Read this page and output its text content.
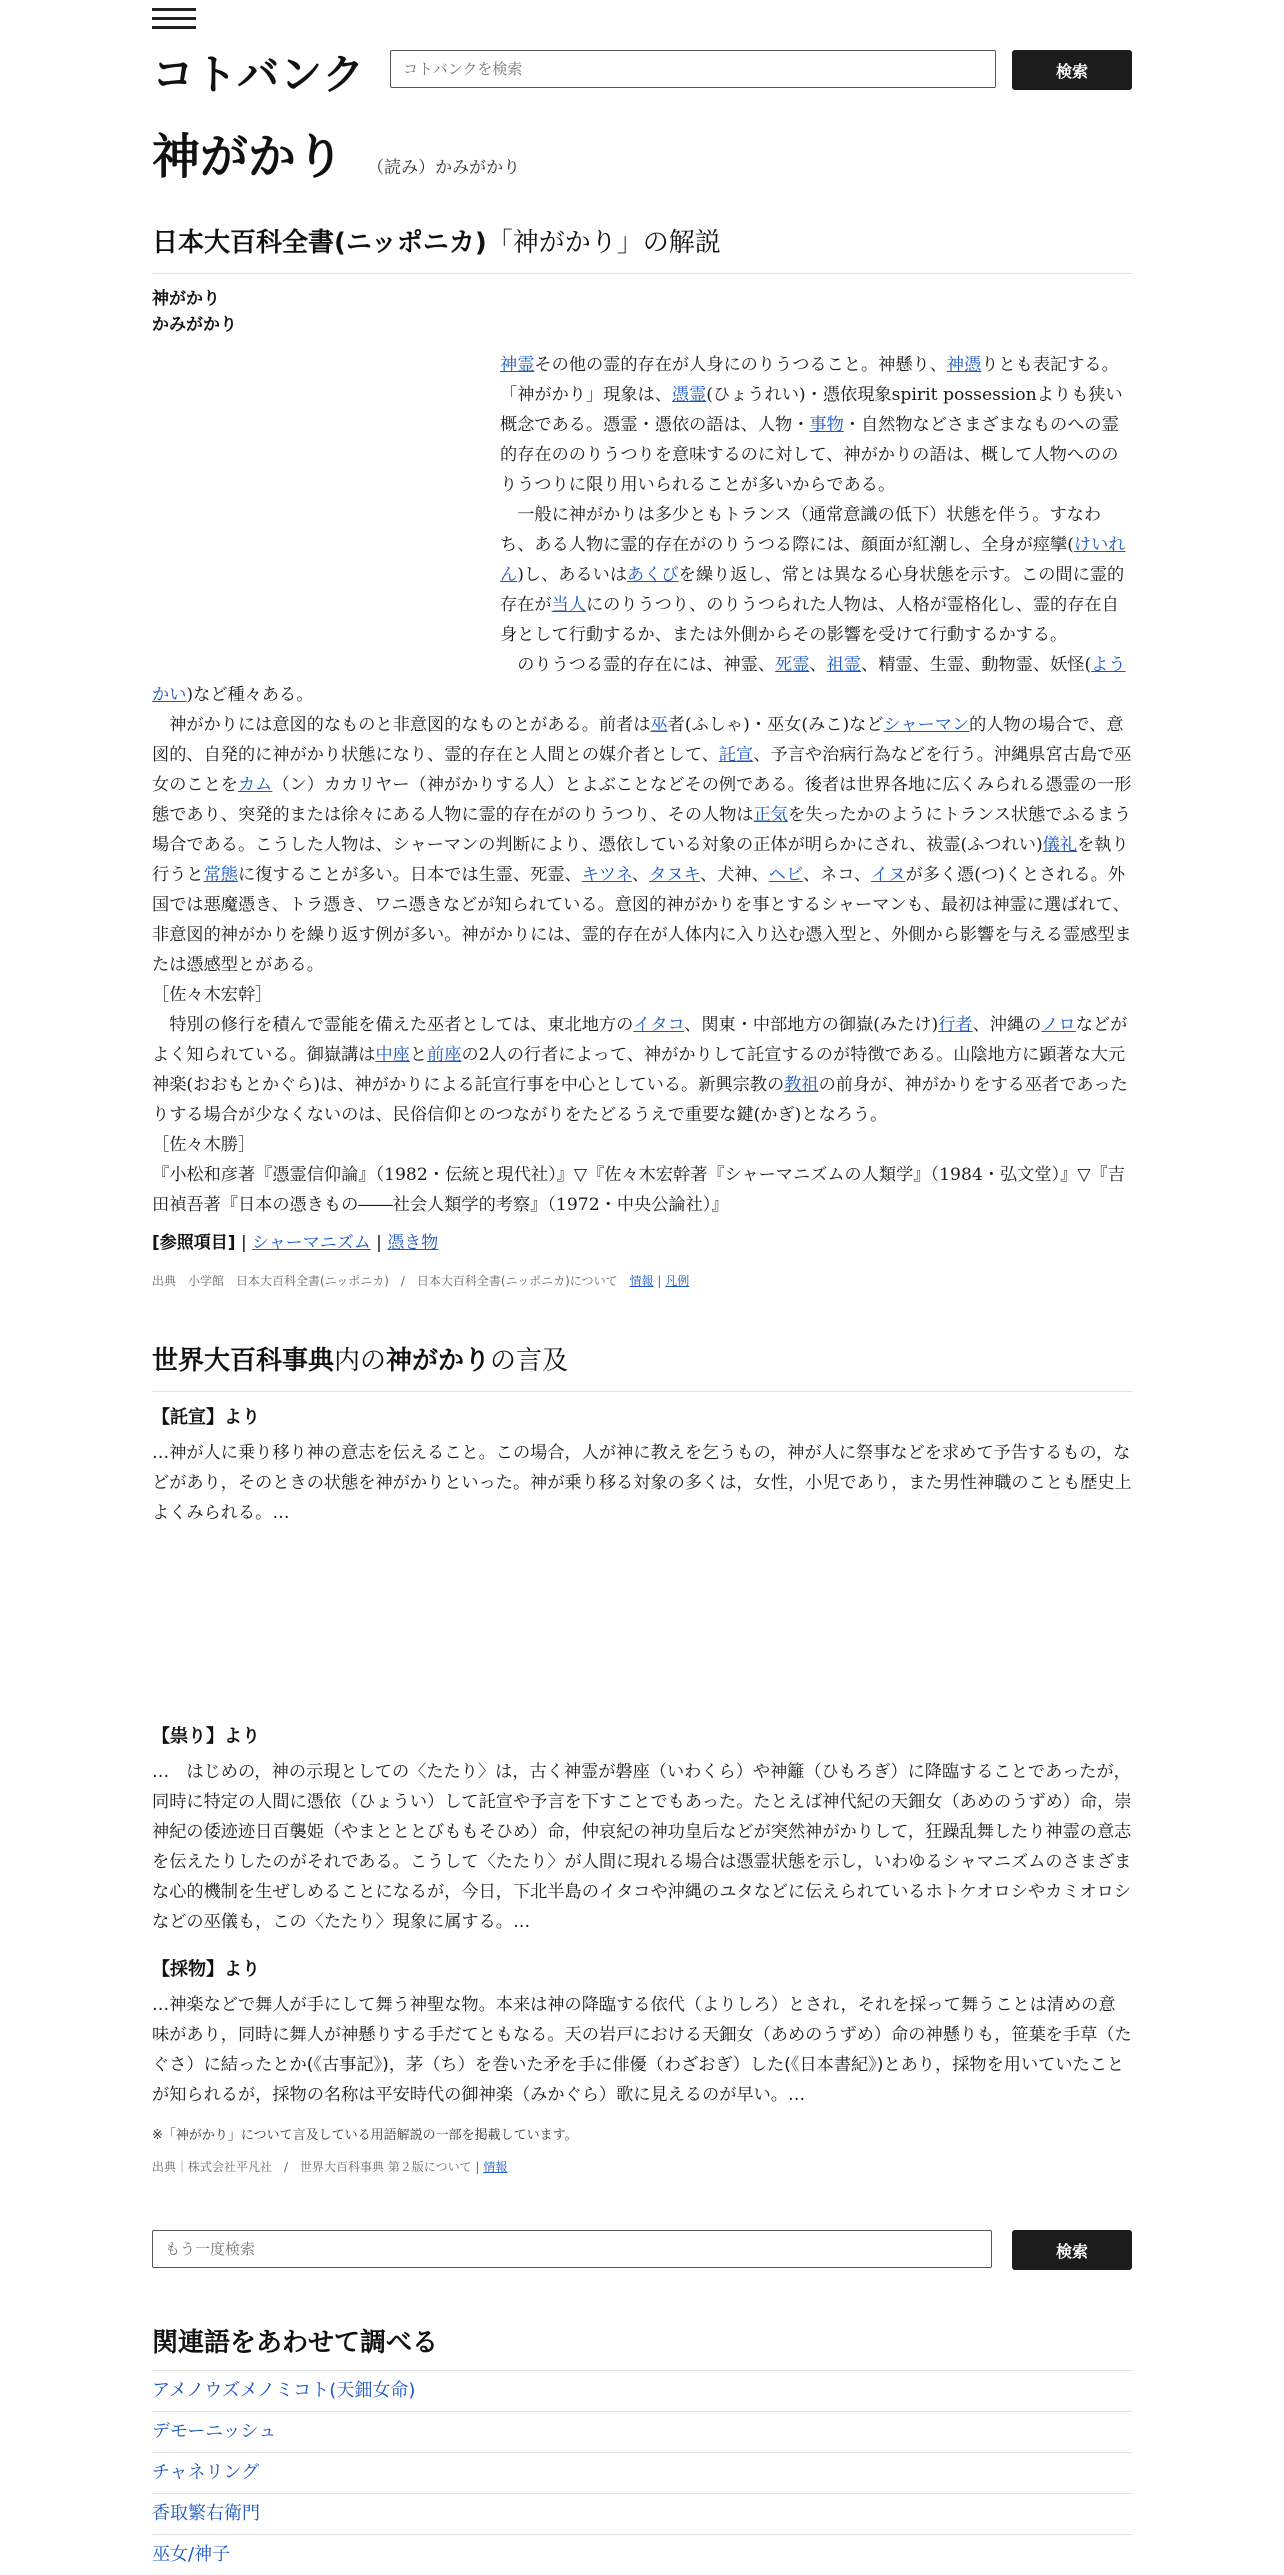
コトバンク
コトバンクを検索	検索
神がかり （読み）かみがかり
日本大百科全書(ニッポニカ)「神がかり」の解説
神がかり
かみがかり

神霊その他の霊的存在が人身にのりうつること。神懸り、神憑りとも表記する。「神がかり」現象は、憑霊(ひょうれい)・憑依現象spirit possessionよりも狭い概念である。憑霊・憑依の語は、人物・事物・自然物などさまざまなものへの霊的存在ののりうつりを意味するのに対して、神がかりの語は、概して人物へののりうつりに限り用いられることが多いからである。

　一般に神がかりは多少ともトランス（通常意識の低下）状態を伴う。すなわち、ある人物に霊的存在がのりうつる際には、顔面が紅潮し、全身が痙攣(けいれん)し、あるいはあくびを繰り返し、常とは異なる心身状態を示す。この間に霊的存在が当人にのりうつり、のりうつられた人物は、人格が霊格化し、霊的存在自身として行動するか、または外側からその影響を受けて行動するかする。

　のりうつる霊的存在には、神霊、死霊、祖霊、精霊、生霊、動物霊、妖怪(ようかい)など種々ある。

　神がかりには意図的なものと非意図的なものとがある。前者は巫者(ふしゃ)・巫女(みこ)などシャーマン的人物の場合で、意図的、自発的に神がかり状態になり、霊的存在と人間との媒介者として、託宣、予言や治病行為などを行う。沖縄県宮古島で巫女のことをカム（ン）カカリヤー（神がかりする人）とよぶことなどその例である。後者は世界各地に広くみられる憑霊の一形態であり、突発的または徐々にある人物に霊的存在がのりうつり、その人物は正気を失ったかのようにトランス状態でふるまう場合である。こうした人物は、シャーマンの判断により、憑依している対象の正体が明らかにされ、祓霊(ふつれい)儀礼を執り行うと常態に復することが多い。日本では生霊、死霊、キツネ、タヌキ、犬神、ヘビ、ネコ、イヌが多く憑(つ)くとされる。外国では悪魔憑き、トラ憑き、ワニ憑きなどが知られている。意図的神がかりを事とするシャーマンも、最初は神霊に選ばれて、非意図的神がかりを繰り返す例が多い。神がかりには、霊的存在が人体内に入り込む憑入型と、外側から影響を与える霊感型または憑感型とがある。

［佐々木宏幹］

　特別の修行を積んで霊能を備えた巫者としては、東北地方のイタコ、関東・中部地方の御嶽(みたけ)行者、沖縄のノロなどがよく知られている。御嶽講は中座と前座の2人の行者によって、神がかりして託宣するのが特徴である。山陰地方に顕著な大元神楽(おおもとかぐら)は、神がかりによる託宣行事を中心としている。新興宗教の教祖の前身が、神がかりをする巫者であったりする場合が少なくないのは、民俗信仰とのつながりをたどるうえで重要な鍵(かぎ)となろう。

［佐々木勝］

『小松和彦著『憑霊信仰論』（1982・伝統と現代社）』▽『佐々木宏幹著『シャーマニズムの人類学』（1984・弘文堂）』▽『吉田禎吾著『日本の憑きもの――社会人類学的考察』（1972・中央公論社）』

[参照項目] | シャーマニズム | 憑き物
出典　小学館　日本大百科全書(ニッポニカ)　/　日本大百科全書(ニッポニカ)について　 情報 | 凡例
世界大百科事典内の神がかりの言及
【託宣】より
…神が人に乗り移り神の意志を伝えること。この場合，人が神に教えを乞うもの，神が人に祭事などを求めて予告するもの，などがあり，そのときの状態を神がかりといった。神が乗り移る対象の多くは，女性，小児であり，また男性神職のことも歴史上よくみられる。…
【祟り】より
…　はじめの，神の示現としての〈たたり〉は，古く神霊が磐座（いわくら）や神籬（ひもろぎ）に降臨することであったが，同時に特定の人間に憑依（ひょうい）して託宣や予言を下すことでもあった。たとえば神代紀の天鈿女（あめのうずめ）命，崇神紀の倭迹迹日百襲姫（やまとととびももそひめ）命，仲哀紀の神功皇后などが突然神がかりして，狂躁乱舞したり神霊の意志を伝えたりしたのがそれである。こうして〈たたり〉が人間に現れる場合は憑霊状態を示し，いわゆるシャマニズムのさまざまな心的機制を生ぜしめることになるが，今日，下北半島のイタコや沖縄のユタなどに伝えられているホトケオロシやカミオロシなどの巫儀も，この〈たたり〉現象に属する。…
【採物】より
…神楽などで舞人が手にして舞う神聖な物。本来は神の降臨する依代（よりしろ）とされ，それを採って舞うことは清めの意味があり，同時に舞人が神懸りする手だてともなる。天の岩戸における天鈿女（あめのうずめ）命の神懸りも，笹葉を手草（たぐさ）に結ったとか(《古事記》)，茅（ち）を巻いた矛を手に俳優（わざおぎ）した(《日本書紀》)とあり，採物を用いていたことが知られるが，採物の名称は平安時代の御神楽（みかぐら）歌に見えるのが早い。…
※「神がかり」について言及している用語解説の一部を掲載しています。
出典｜株式会社平凡社　/　世界大百科事典 第２版について | 情報
もう一度検索
検索
関連語をあわせて調べる
アメノウズメノミコト(天鈿女命)
デモーニッシュ
チャネリング
香取繁右衛門
巫女/神子
